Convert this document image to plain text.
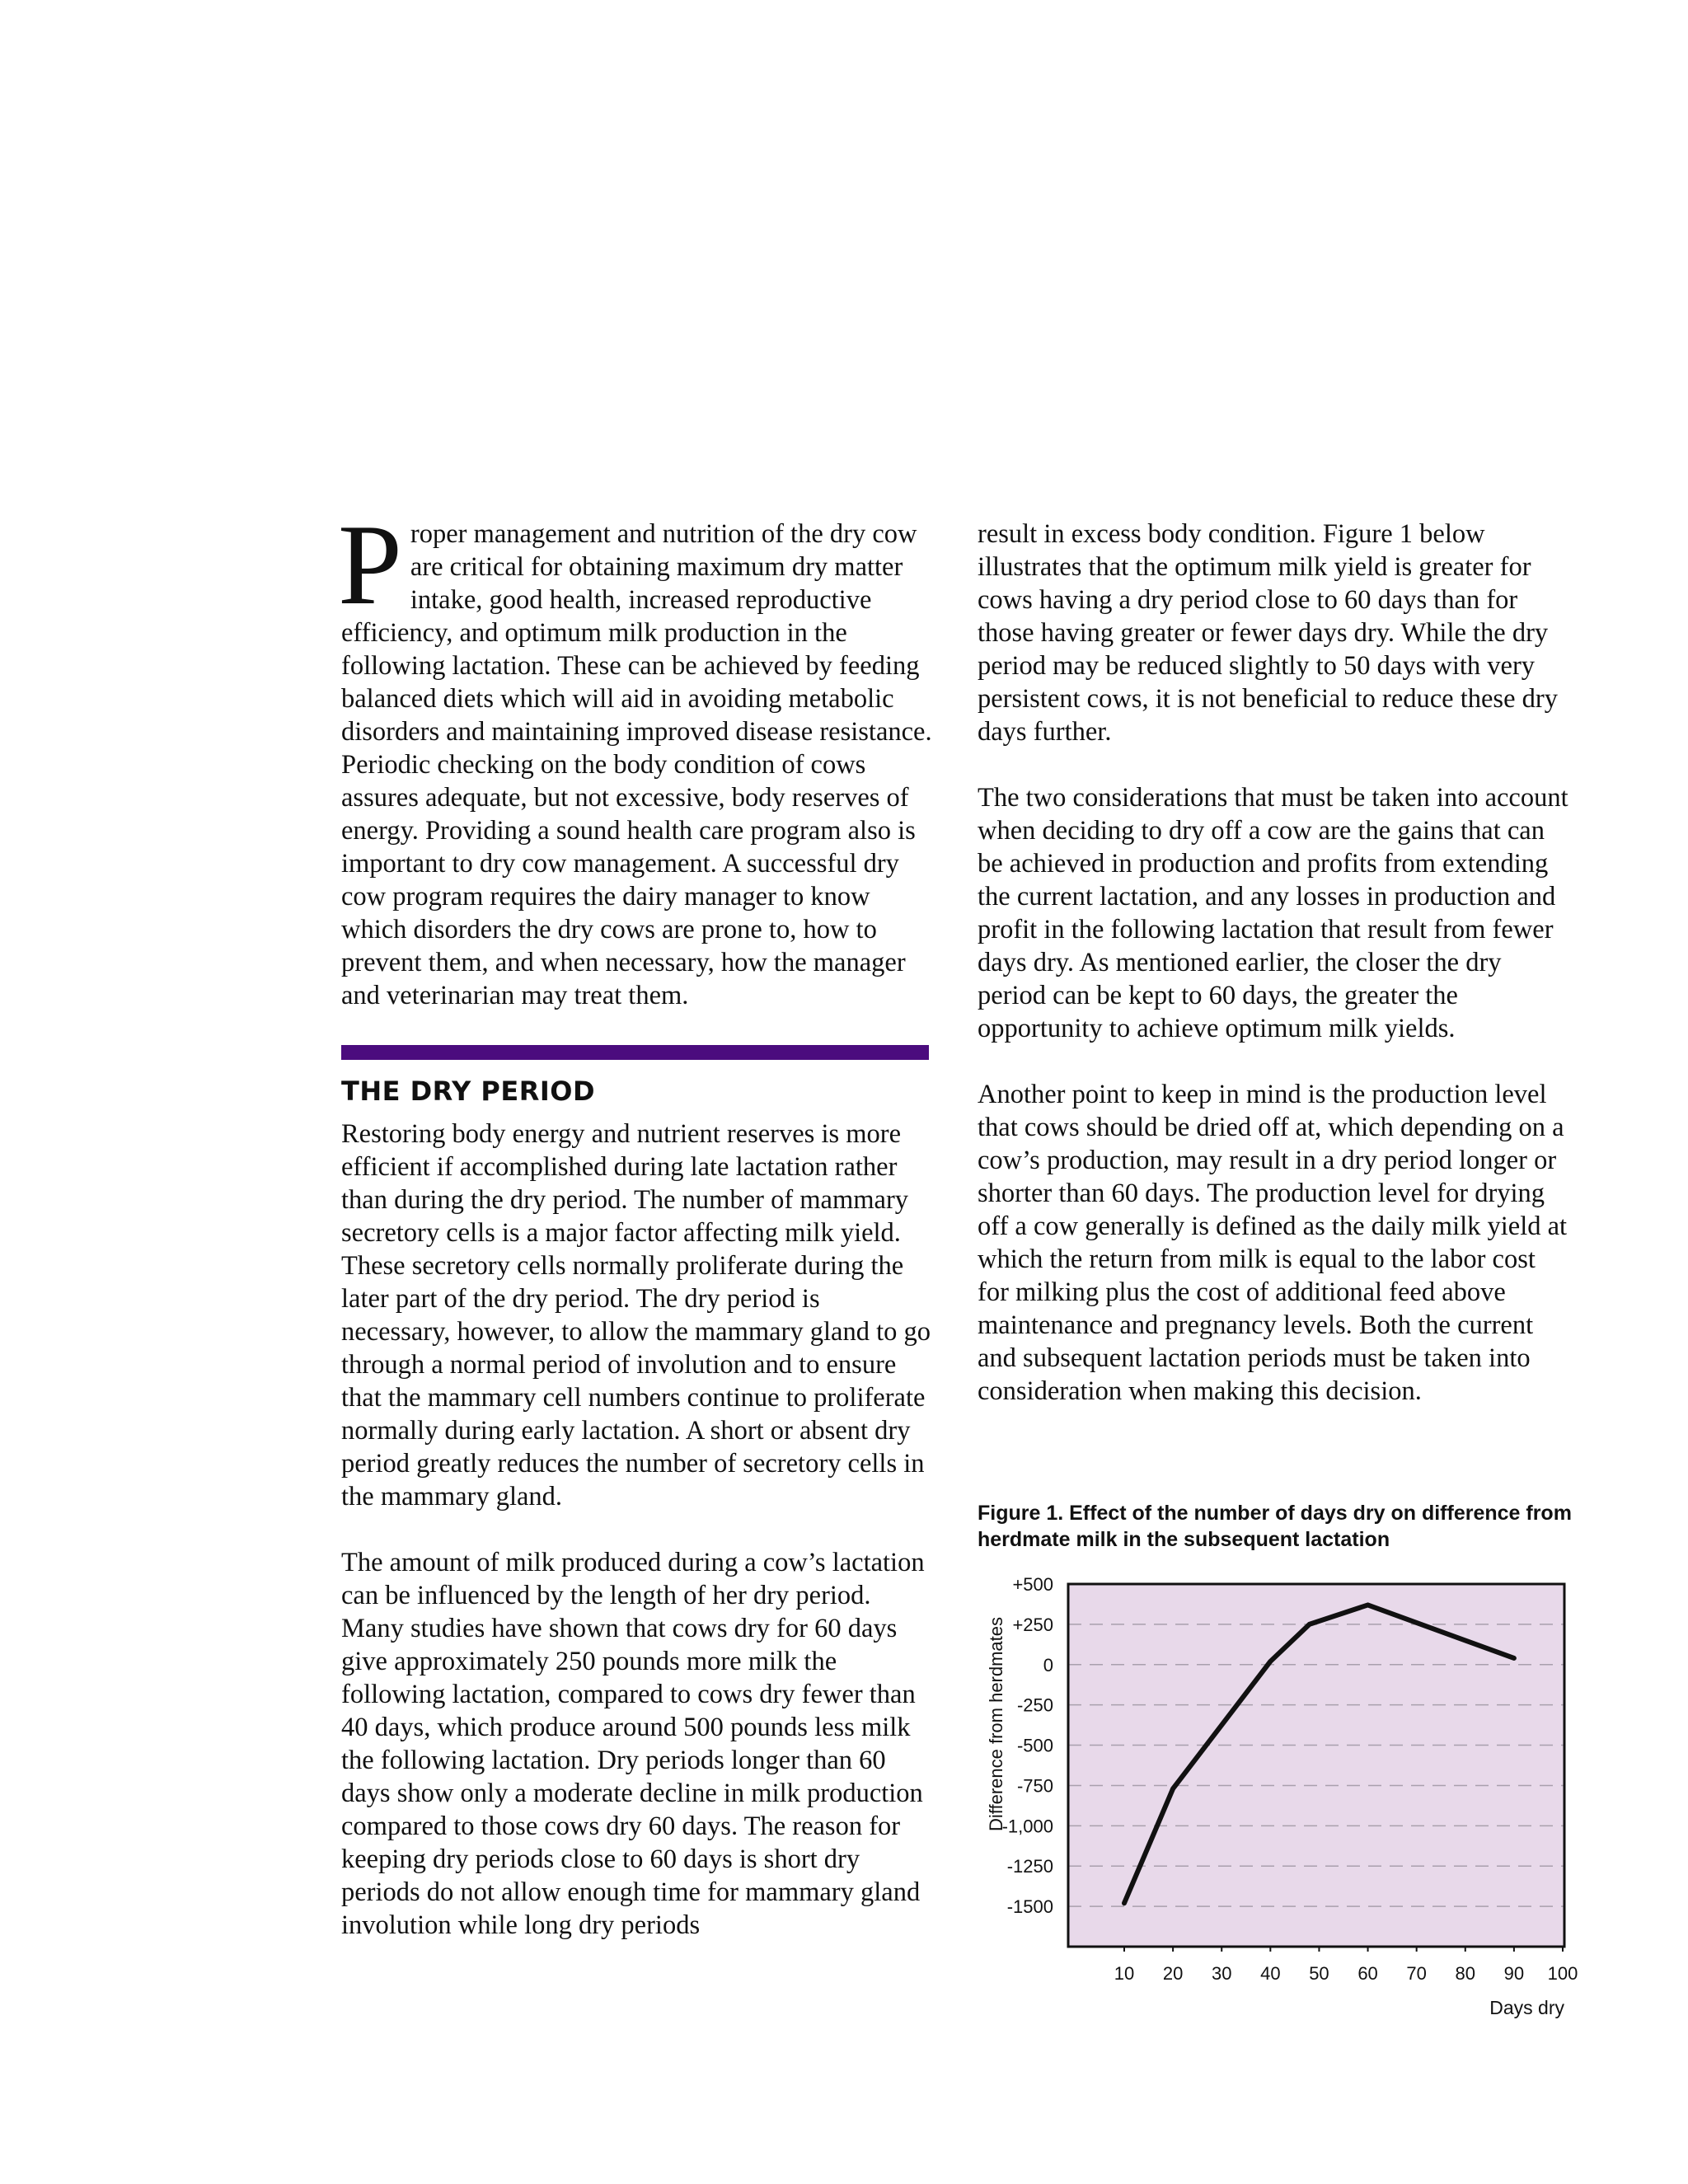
Proper management and nutrition of the dry cow are critical for obtaining maximum dry matter intake, good health, increased reproductive efficiency, and optimum milk production in the following lactation. These can be achieved by feeding balanced diets which will aid in avoiding metabolic disorders and maintaining improved disease resistance. Periodic checking on the body condition of cows assures adequate, but not excessive, body reserves of energy. Providing a sound health care program also is important to dry cow management. A successful dry cow program requires the dairy manager to know which disorders the dry cows are prone to, how to prevent them, and when necessary, how the manager and veterinarian may treat them.

THE DRY PERIOD

Restoring body energy and nutrient reserves is more efficient if accomplished during late lactation rather than during the dry period. The number of mammary secretory cells is a major factor affecting milk yield. These secretory cells normally proliferate during the later part of the dry period. The dry period is necessary, however, to allow the mammary gland to go through a normal period of involution and to ensure that the mammary cell numbers continue to proliferate normally during early lactation. A short or absent dry period greatly reduces the number of secretory cells in the mammary gland.

The amount of milk produced during a cow’s lactation can be influenced by the length of her dry period. Many studies have shown that cows dry for 60 days give approximately 250 pounds more milk the following lactation, compared to cows dry fewer than 40 days, which produce around 500 pounds less milk the following lactation. Dry periods longer than 60 days show only a moderate decline in milk production compared to those cows dry 60 days. The reason for keeping dry periods close to 60 days is short dry periods do not allow enough time for mammary gland involution while long dry periods

result in excess body condition. Figure 1 below illustrates that the optimum milk yield is greater for cows having a dry period close to 60 days than for those having greater or fewer days dry. While the dry period may be reduced slightly to 50 days with very persistent cows, it is not beneficial to reduce these dry days further.

The two considerations that must be taken into account when deciding to dry off a cow are the gains that can be achieved in production and profits from extending the current lactation, and any losses in production and profit in the following lactation that result from fewer days dry. As mentioned earlier, the closer the dry period can be kept to 60 days, the greater the opportunity to achieve optimum milk yields.

Another point to keep in mind is the production level that cows should be dried off at, which depending on a cow’s production, may result in a dry period longer or shorter than 60 days. The production level for drying off a cow generally is defined as the daily milk yield at which the return from milk is equal to the labor cost for milking plus the cost of additional feed above maintenance and pregnancy levels. Both the current and subsequent lactation periods must be taken into consideration when making this decision.

Figure 1. Effect of the number of days dry on difference from herdmate milk in the subsequent lactation
+500
+250
0
-250
-500
-750
-1,000
-1250
-1500
10 20 30 40 50 60 70 80 90 100
Days dry
Difference from herdmates
